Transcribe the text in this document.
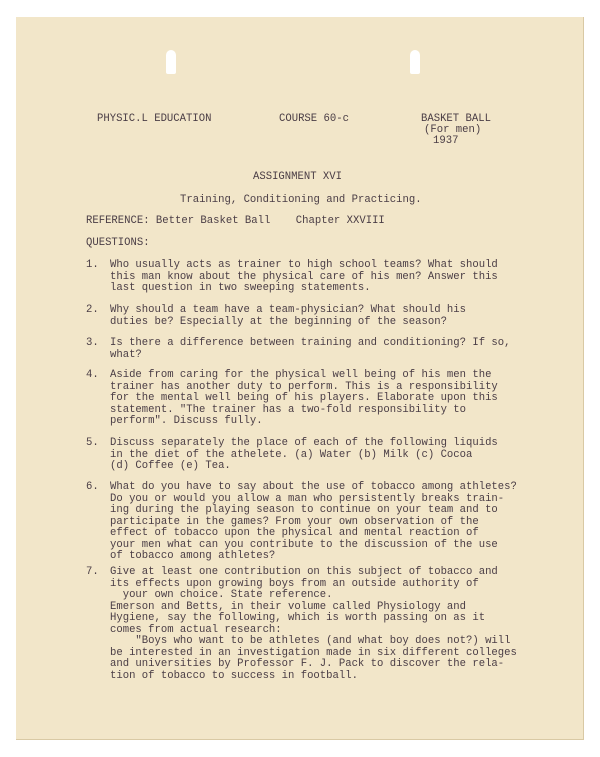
PHYSIC.L EDUCATION	COURSE 60-c	BASKET BALL

(For men)

1937

ASSIGNMENT XVI

Training, Conditioning and Practicing.

REFERENCE: Better Basket Ball    Chapter XXVIII

QUESTIONS:

1.	Who usually acts as trainer to high school teams? What should
this man know about the physical care of his men? Answer this
last question in two sweeping statements.

2.	Why should a team have a team-physician? What should his
duties be? Especially at the beginning of the season?

3.	Is there a difference between training and conditioning? If so,
what?

4.	Aside from caring for the physical well being of his men the
trainer has another duty to perform. This is a responsibility
for the mental well being of his players. Elaborate upon this
statement. "The trainer has a two-fold responsibility to
perform". Discuss fully.

5.	Discuss separately the place of each of the following liquids
in the diet of the athelete. (a) Water (b) Milk (c) Cocoa
(d) Coffee (e) Tea.

6.	What do you have to say about the use of tobacco among athletes?
Do you or would you allow a man who persistently breaks train-
ing during the playing season to continue on your team and to
participate in the games? From your own observation of the
effect of tobacco upon the physical and mental reaction of
your men what can you contribute to the discussion of the use
of tobacco among athletes?

7.	Give at least one contribution on this subject of tobacco and
its effects upon growing boys from an outside authority of
your own choice. State reference.
Emerson and Betts, in their volume called Physiology and
Hygiene, say the following, which is worth passing on as it
comes from actual research:
"Boys who want to be athletes (and what boy does not?) will
be interested in an investigation made in six different colleges
and universities by Professor F. J. Pack to discover the rela-
tion of tobacco to success in football.
